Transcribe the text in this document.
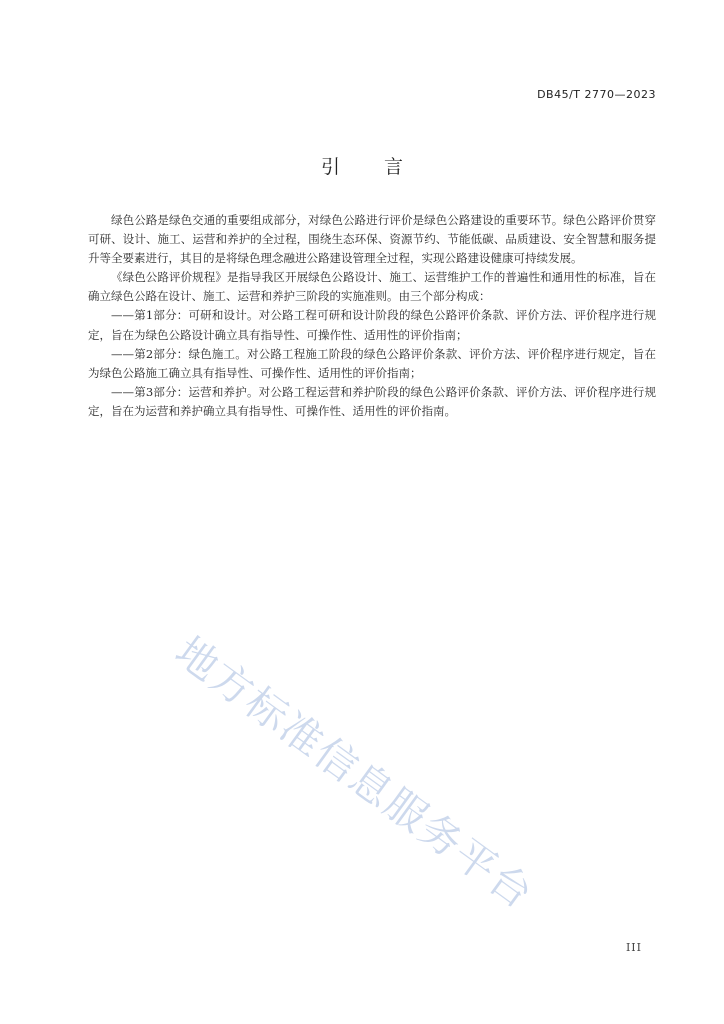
DB45/T 2770—2023
引 言

绿色公路是绿色交通的重要组成部分，对绿色公路进行评价是绿色公路建设的重要环节。绿色公路评价贯穿可研、设计、施工、运营和养护的全过程，围绕生态环保、资源节约、节能低碳、品质建设、安全智慧和服务提升等全要素进行，其目的是将绿色理念融进公路建设管理全过程，实现公路建设健康可持续发展。

《绿色公路评价规程》是指导我区开展绿色公路设计、施工、运营维护工作的普遍性和通用性的标准，旨在确立绿色公路在设计、施工、运营和养护三阶段的实施准则。由三个部分构成：

——第1部分：可研和设计。对公路工程可研和设计阶段的绿色公路评价条款、评价方法、评价程序进行规定，旨在为绿色公路设计确立具有指导性、可操作性、适用性的评价指南；

——第2部分：绿色施工。对公路工程施工阶段的绿色公路评价条款、评价方法、评价程序进行规定，旨在为绿色公路施工确立具有指导性、可操作性、适用性的评价指南；

——第3部分：运营和养护。对公路工程运营和养护阶段的绿色公路评价条款、评价方法、评价程序进行规定，旨在为运营和养护确立具有指导性、可操作性、适用性的评价指南。

地方标准信息服务平台
III
